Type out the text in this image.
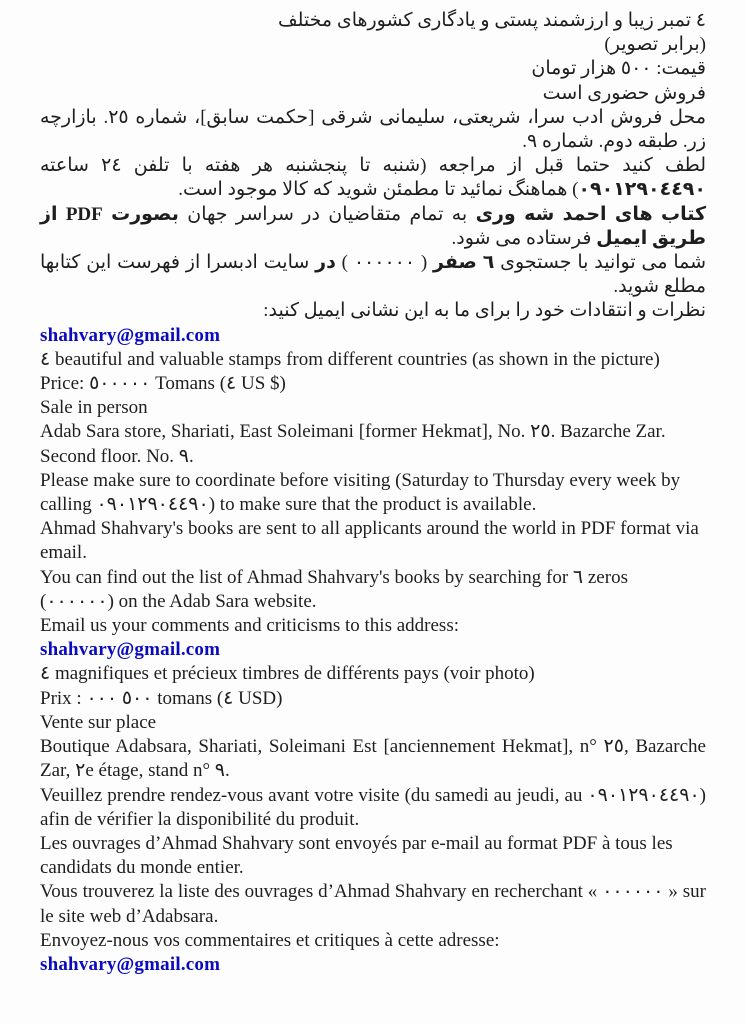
٤ تمبر زیبا و ارزشمند پستی و یادگاری کشورهای مختلف

(برابر تصویر)

قیمت: ٥٠٠ هزار تومان

فروش حضوری است

محل فروش ادب سرا، شریعتی، سلیمانی شرقی [حکمت سابق]، شماره ٢٥. بازارچه زر. طبقه دوم. شماره ٩.

لطف کنید حتما قبل از مراجعه (شنبه تا پنجشنبه هر هفته با تلفن ٢٤ ساعته ٠٩٠١٢٩٠٤٤٩٠) هماهنگ نمائید تا مطمئن شوید که کالا موجود است.

کتاب های احمد شه وری به تمام متقاضیان در سراسر جهان بصورت PDF از طریق ایمیل فرستاده می شود.

شما می توانید با جستجوی ٦ صفر ( ٠٠٠٠٠٠ ) در سایت ادبسرا از فهرست این کتابها مطلع شوید.

نظرات و انتقادات خود را برای ما به این نشانی ایمیل کنید:

shahvary@gmail.com

٤ beautiful and valuable stamps from different countries (as shown in the picture)

Price: ٥٠٠٠٠٠ Tomans (٤ US $)

Sale in person

Adab Sara store, Shariati, East Soleimani [former Hekmat], No. ٢٥. Bazarche Zar. Second floor. No. ٩.

Please make sure to coordinate before visiting (Saturday to Thursday every week by calling ٠٩٠١٢٩٠٤٤٩٠) to make sure that the product is available.

Ahmad Shahvary's books are sent to all applicants around the world in PDF format via email.

You can find out the list of Ahmad Shahvary's books by searching for ٦ zeros (٠٠٠٠٠٠) on the Adab Sara website.

Email us your comments and criticisms to this address:

shahvary@gmail.com

٤ magnifiques et précieux timbres de différents pays (voir photo)

Prix : ٥٠٠ ٠٠٠ tomans (٤ USD)

Vente sur place

Boutique Adabsara, Shariati, Soleimani Est [anciennement Hekmat], n° ٢٥, Bazarche Zar, ٢e étage, stand n° ٩.

Veuillez prendre rendez-vous avant votre visite (du samedi au jeudi, au ٠٩٠١٢٩٠٤٤٩٠) afin de vérifier la disponibilité du produit.

Les ouvrages d’Ahmad Shahvary sont envoyés par e-mail au format PDF à tous les candidats du monde entier.

Vous trouverez la liste des ouvrages d’Ahmad Shahvary en recherchant « ٠٠٠٠٠٠ » sur le site web d’Adabsara.

Envoyez-nous vos commentaires et critiques à cette adresse:

shahvary@gmail.com
